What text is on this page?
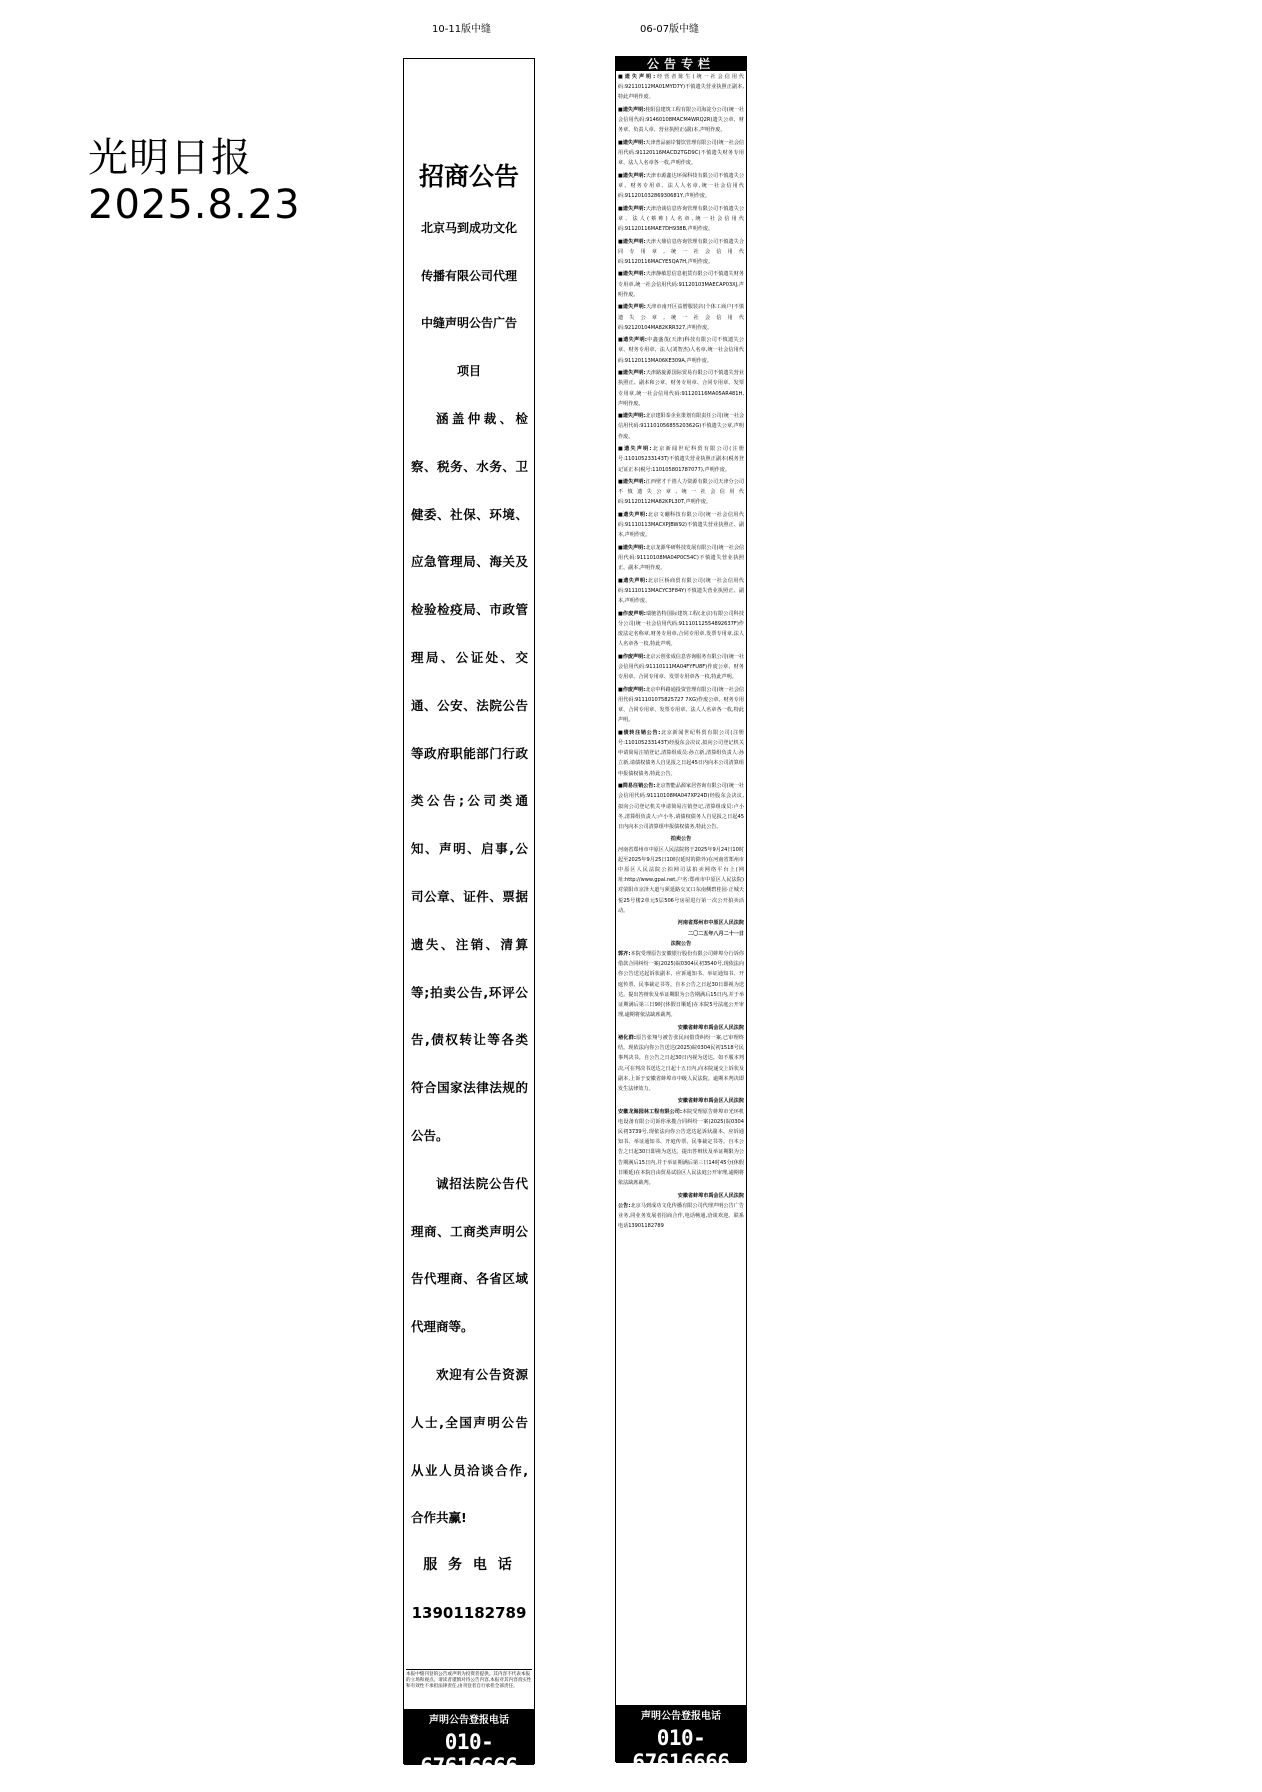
光明日报
2025.8.23
10-11版中缝	06-07版中缝
招商公告
北京马到成功文化
传播有限公司代理
中缝声明公告广告
项目
涵盖仲裁、检察、税务、水务、卫健委、社保、环境、应急管理局、海关及检验检疫局、市政管理局、公证处、交通、公安、法院公告等政府职能部门行政类公告;公司类通知、声明、启事,公司公章、证件、票据遗失、注销、清算等;拍卖公告,环评公告,债权转让等各类符合国家法律法规的公告。
诚招法院公告代理商、工商类声明公告代理商、各省区域代理商等。
欢迎有公告资源人士,全国声明公告从业人员洽谈合作,合作共赢!
服 务 电 话
13901182789
本报中缝刊登的公告或声明为投资者提供。其内容不代表本报的立场和观点。请读者谨慎对待公告内容,本报对其内容真实性和有效性不承担法律责任,由刊登者自行承担全部责任。
声明公告登报电话
010-67616666
公告专栏

■遗失声明:经营者陈生(统一社会信用代码:92110112MA01MYD7Y)不慎遗失营业执照正副本,特此声明作废。

■遗失声明:桂阳县建筑工程有限公司海淀分公司(统一社会信用代码:91460108MACM4WRQ2R)遗失公章、财务章、负责人章、营业执照正(副)本,声明作废。

■遗失声明:天津普品丽岸餐饮管理有限公司(统一社会信用代码:91120116MACD2TGD9C)不慎遗失财务专用章、法人人名章各一枚,声明作废。

■遗失声明:天津市源鑫达环保科技有限公司不慎遗失公章、财务专用章、法人人名章,统一社会信用代码:91120103286930681Y,声明作废。

■遗失声明:天津洽谈信息咨询管理有限公司不慎遗失公章、法人(蔡帅)人名章,统一社会信用代码:91120116MAE7DH938B,声明作废。

■遗失声明:天津大鼎信息咨询管理有限公司不慎遗失合同专用章,统一社会信用代码:91120116MACYE5QA7H,声明作废。

■遗失声明:天津静敏思信息租赁有限公司不慎遗失财务专用章,统一社会信用代码:91120103MAECAP03XJ,声明作废。

■遗失声明:天津市南开区益僧服装店(个体工商户)不慎遗失公章,统一社会信用代码:92120104MA82KRR327,声明作废。

■遗失声明:中鑫盛茂(天津)科技有限公司不慎遗失公章、财务专用章、法人(刘智杰)人名章,统一社会信用代码:91120113MA06KE309A,声明作废。

■遗失声明:天津路旋源国际贸易有限公司不慎遗失营业执照正、副本和公章、财务专用章、合同专用章、发票专用章,统一社会信用代码:91120116MA05AR481H,声明作废。

■遗失声明:北京建阳泰企业策划有限责任公司(统一社会信用代码:91110105685520362G)不慎遗失公章,声明作废。

■遗失声明:北京新闻世纪科贸有限公司(注册号:110105233143T)不慎遗失营业执照正副本(税务登记证正本(税号:110105801787077),声明作废。

■遗失声明:江西壁才千禧人力资源有限公司天津分公司不慎遗失公章,统一社会信用代码:91120112MA82KPL30T,声明作废。

■遗失声明:北京文硼科技有限公司(统一社会信用代码:91110113MACXPJBW92)不慎遗失营业执照正、副本,声明作废。

■遗失声明:北京龙源华研科技发展有限公司(统一社会信用代码:91110108MA04P0C54C)不慎遗失营业执照正、副本,声明作废。

■遗失声明:北京巨桥商贸有限公司(统一社会信用代码:91110113MACYC3F84Y)不慎遗失营业执照正、副本,声明作废。

■作废声明:瑞驰浩特国际建筑工程(北京)有限公司科技分公司(统一社会信用代码:91110112554892637F)作废法定名称章,财务专用章,合同专用章,发票专用章,法人人名章各一枚,特此声明。

■作废声明:北京云创张成信息咨询服务有限公司(统一社会信用代码:91110111MA04FYFU8F)作废公章、财务专用章、合同专用章、发票专用章各一枚,特此声明。

■作废声明:北京中科路通投资管理有限公司(统一社会信用代码:911101075825727 7XG)作废公章、财务专用章、合同专用章、发票专用章、法人人名章各一枚,特此声明。

■债转注销公告:北京新闻世纪科贸有限公司(注册号:110105233143T)经股东会决议,拟向公司登记机关申请简易注销登记,清算组成员:孙立新,清算组负责人:孙立新,请债权债务人自见报之日起45日内向本公司清算组申报债权债务,特此公告。

■简易注销公告:北京智能品源家居咨询有限公司(统一社会信用代码:91110108MA047XP24D)经股东会决议,拟向公司登记机关申请简易注销登记,清算组成员:卢小冬,清算组负责人:卢小冬,请债权债务人自见报之日起45日内向本公司清算组申报债权债务,特此公告。

拍卖公告

河南省郑州市中原区人民法院将于2025年9月24日10时起至2025年9月25日10时(延时的除外)在河南省郑州市中原区人民法院公拍网司法拍卖网络平台上(网址:http://www.gpai.net,户名:郑州市中原区人民法院)对荥阳市京泽大道与须延路交叉口东南侧碧桂园·正城天悦25号楼2单元5层506号房屋进行第一次公开拍卖活动。

河南省郑州市中原区人民法院

二〇二五年八月二十一日

法院公告

郭齐:本院受理原告安徽银行股份有限公司蚌埠分行诉你借款合同纠纷一案(2025)皖0304民初3540号,现依法向你公告送达起诉状副本、应诉通知书、举证通知书、开庭传票、民事裁定书等。自本公告之日起30日即视为送达。提出答辩状及举证期限为公告期满后15日内,并于举证期满后第三日9时(休假日顺延)在本院5号法庭公开审理,逾期将依法缺席裁判。

安徽省蚌埠市禹会区人民法院

褚化群:原告张翔与被告张民间借贷纠纷一案,已审理终结。现依法向你公告送达(2025)皖0304民初1518号民事判决书。自公告之日起30日内视为送达。如不服本判决,可在判决书送达之日起十五日内,向本院递交上诉状及副本,上诉于安徽省蚌埠市中级人民法院。逾期本判决即发生法律效力。

安徽省蚌埠市禹会区人民法院

安徽龙海园林工程有限公司:本院受理原告蚌埠市光环机电设备有限公司诉你承揽合同纠纷一案(2025)皖0304民初3739号,现依法向你公告送达起诉状副本、应诉通知书、举证通知书、开庭传票、民事裁定书等。自本公告之日起30日即视为送达。提出答辩状及举证期限为公告期满后15日内,并于举证期满后第三日14时45分(休假日顺延)在本院自由贸易试验区人民法庭公开审理,逾期将依法缺席裁判。

安徽省蚌埠市禹会区人民法院

公告:北京马到成功文化传播有限公司代理声明公告广告业务,同业务发展者招商合作,电话畅通,洽谈欢迎。联系电话13901182789

声明公告登报电话
010-67616666
